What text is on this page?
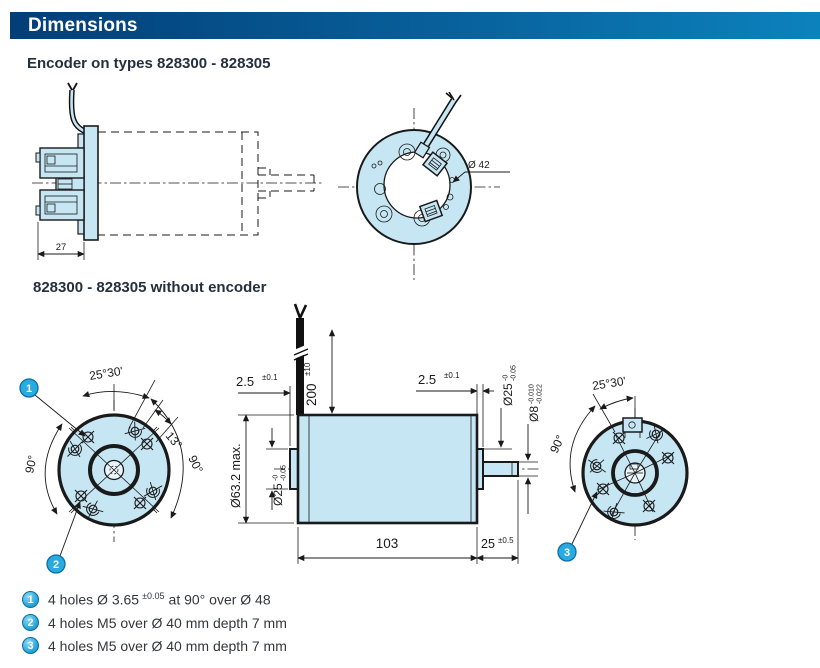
Dimensions
Encoder on types 828300 - 828305
27
Ø 42
828300 - 828305 without encoder
25°30'
13°
90°
90°
1
2
2.5 ±0.1
200
±10
Ø63.2 max. Ø25
-0 -0.05
2.5 ±0.1
Ø25
-0 -0.05
Ø8
-0.010 -0.022
103	25 ±0.5
25°30'
90°
3
1	4 holes Ø 3.65 $^{\pm 0.05}$ at 90° over Ø 48
2	4 holes M5 over Ø 40 mm depth 7 mm
3	4 holes M5 over Ø 40 mm depth 7 mm
